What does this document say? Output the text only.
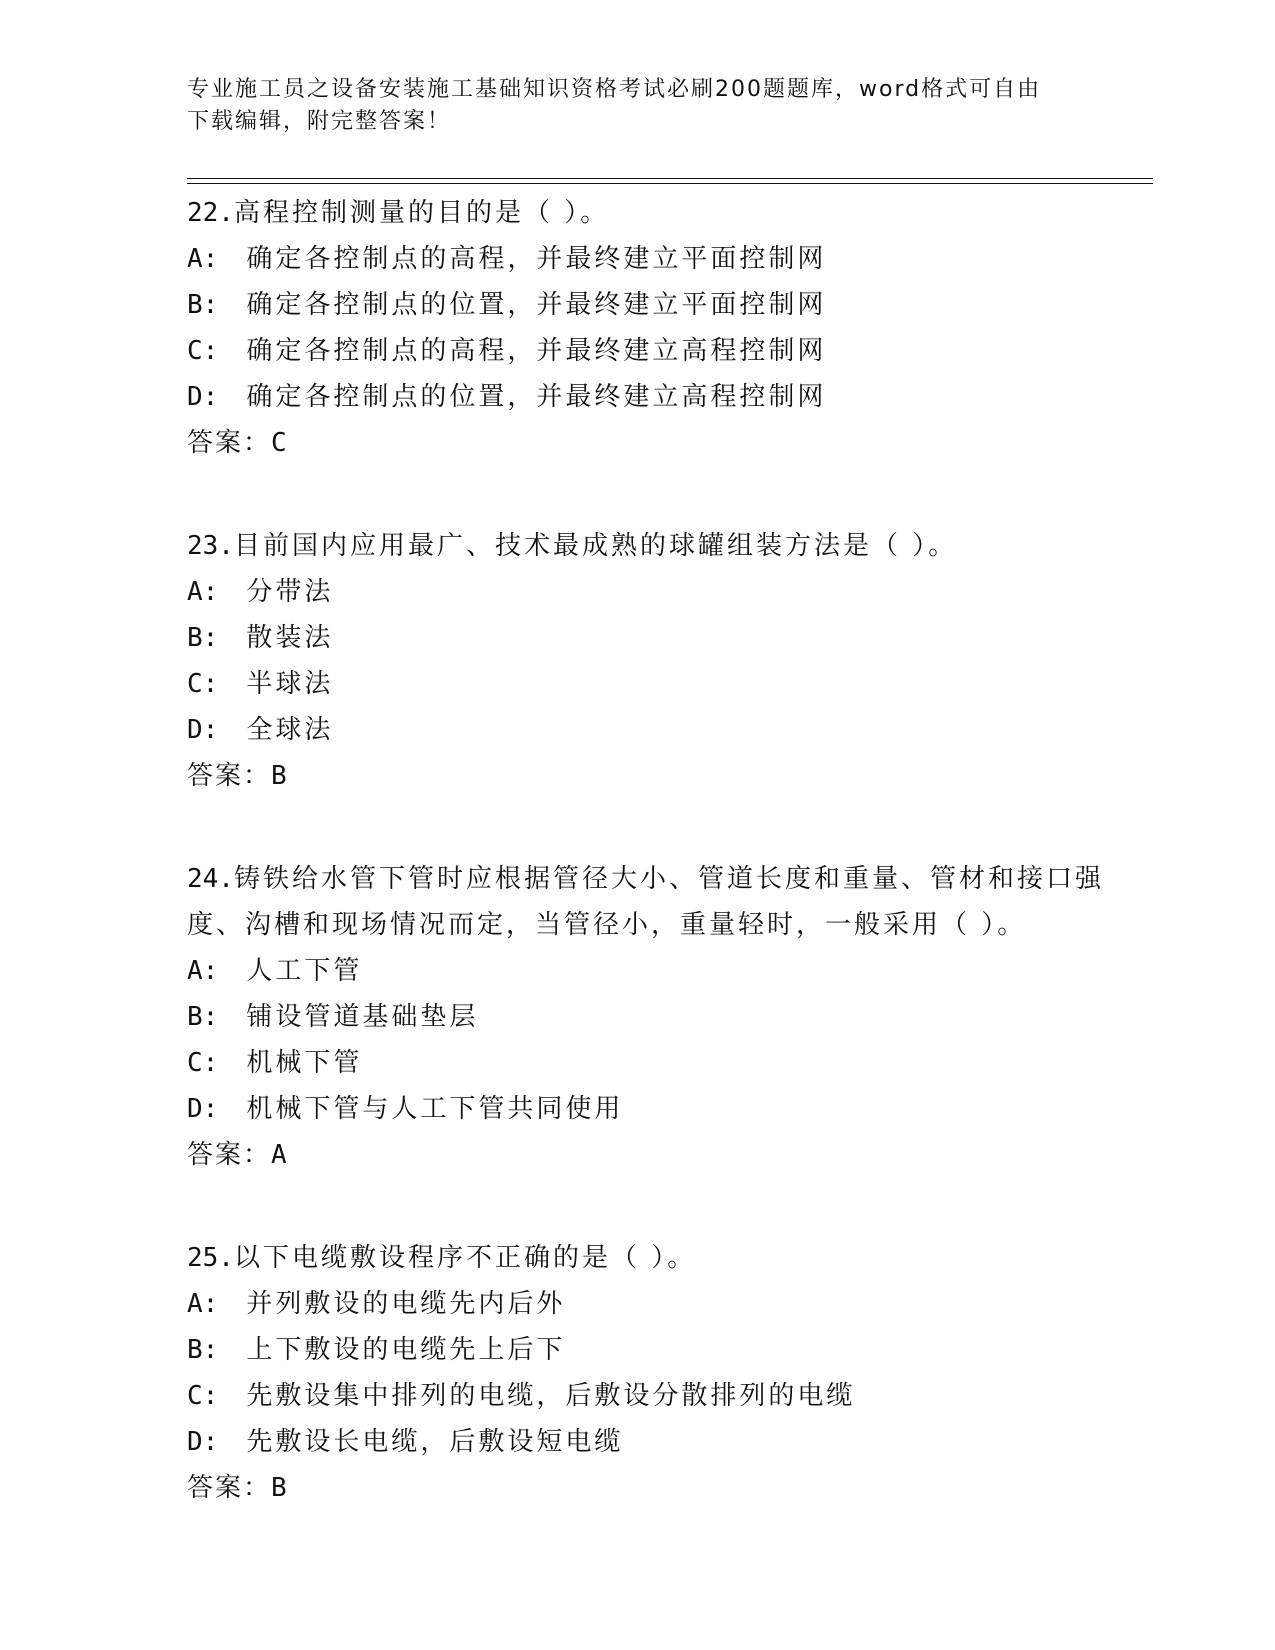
专业施工员之设备安装施工基础知识资格考试必刷200题题库，word格式可自由
下载编辑，附完整答案！

22.高程控制测量的目的是（ ）。

A: 确定各控制点的高程，并最终建立平面控制网
B: 确定各控制点的位置，并最终建立平面控制网
C: 确定各控制点的高程，并最终建立高程控制网
D: 确定各控制点的位置，并最终建立高程控制网
答案：C

23.目前国内应用最广、技术最成熟的球罐组装方法是（ ）。

A: 分带法
B: 散装法
C: 半球法
D: 全球法
答案：B

24.铸铁给水管下管时应根据管径大小、管道长度和重量、管材和接口强度、沟槽和现场情况而定，当管径小，重量轻时，一般采用（ ）。

A: 人工下管
B: 铺设管道基础垫层
C: 机械下管
D: 机械下管与人工下管共同使用
答案：A

25.以下电缆敷设程序不正确的是（ ）。

A: 并列敷设的电缆先内后外
B: 上下敷设的电缆先上后下
C: 先敷设集中排列的电缆，后敷设分散排列的电缆
D: 先敷设长电缆，后敷设短电缆
答案：B
